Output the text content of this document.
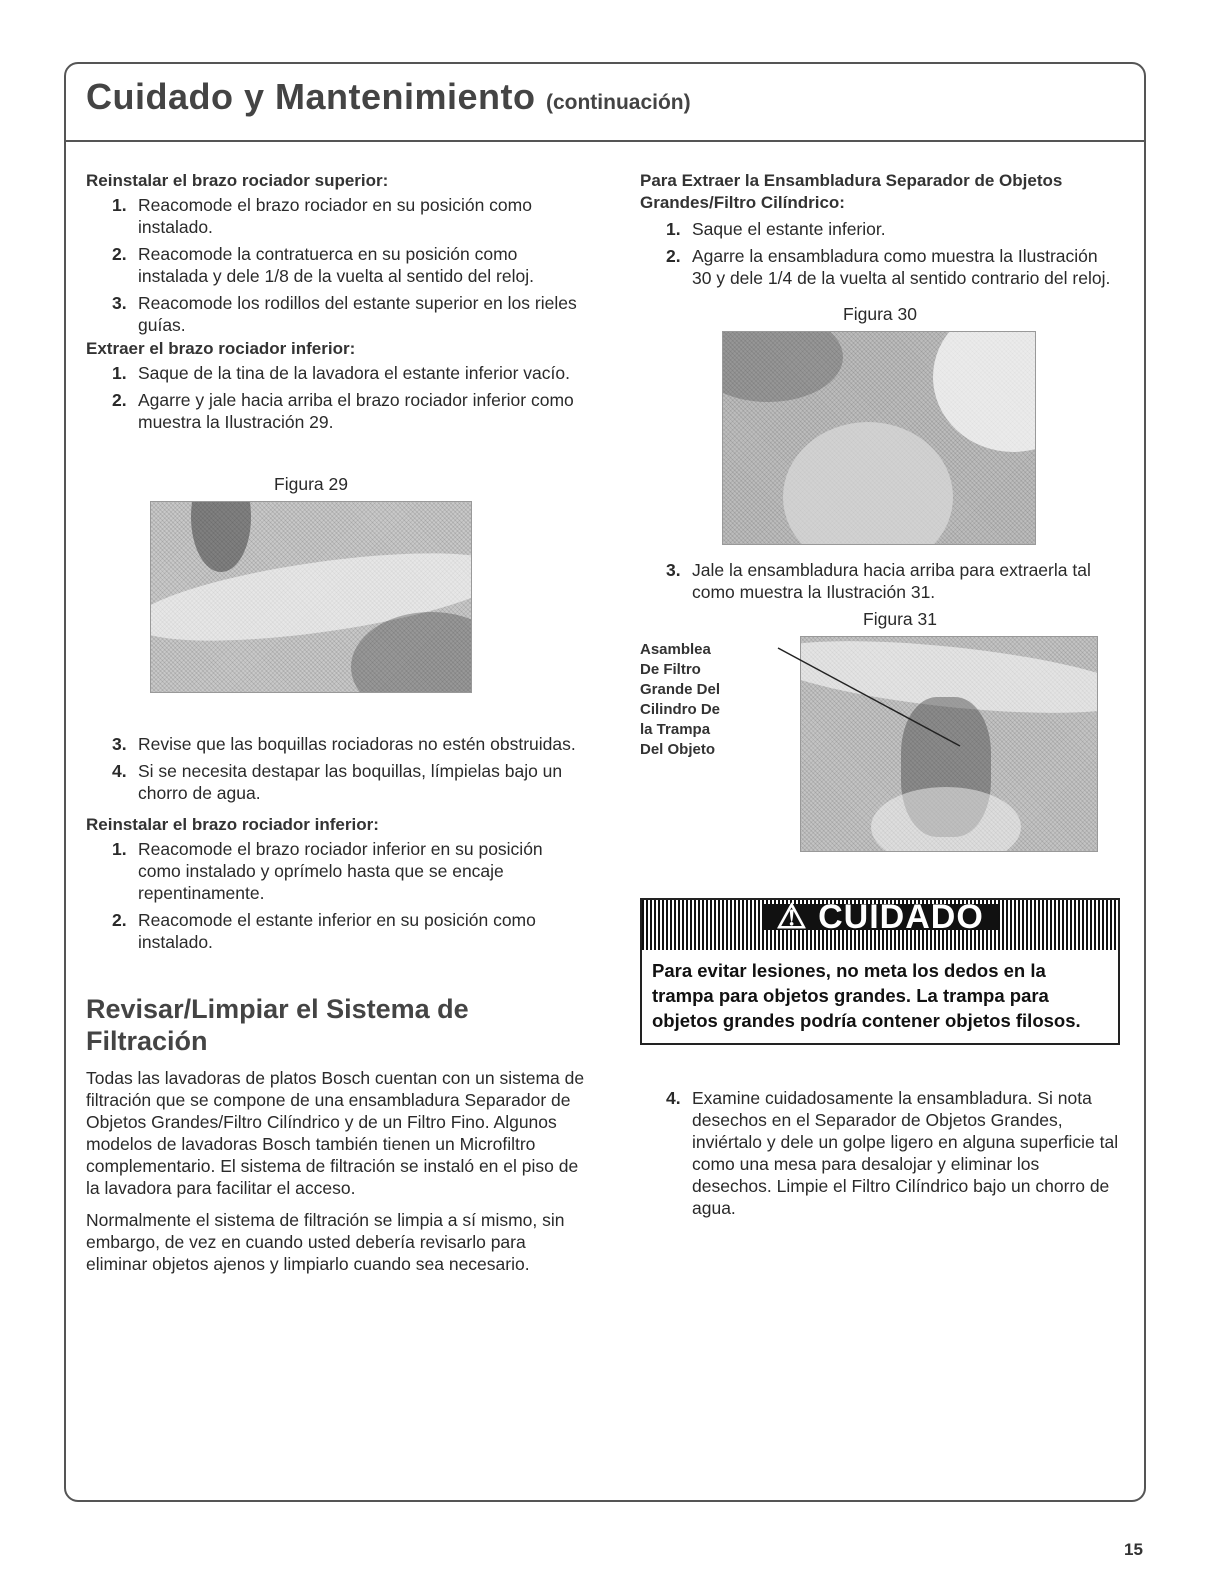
Cuidado y Mantenimiento (continuación)
Reinstalar el brazo rociador superior:
1. Reacomode el brazo rociador en su posición como instalado.
2. Reacomode la contratuerca en su posición como instalada y dele 1/8 de la vuelta al sentido del reloj.
3. Reacomode los rodillos del estante superior en los rieles guías.
Extraer el brazo rociador inferior:
1. Saque de la tina de la lavadora el estante inferior vacío.
2. Agarre y jale hacia arriba el brazo rociador inferior como muestra la Ilustración 29.
Figura 29
3. Revise que las boquillas rociadoras no estén obstruidas.
4. Si se necesita destapar las boquillas, límpielas bajo un chorro de agua.
Reinstalar el brazo rociador inferior:
1. Reacomode el brazo rociador inferior en su posición como instalado y oprímelo hasta que se encaje repentinamente.
2. Reacomode el estante inferior en su posición como instalado.
Revisar/Limpiar el Sistema de Filtración

Todas las lavadoras de platos Bosch cuentan con un sistema de filtración que se compone de una ensambladura Separador de Objetos Grandes/Filtro Cilíndrico y de un Filtro Fino. Algunos modelos de lavadoras Bosch también tienen un Microfiltro complementario. El sistema de filtración se instaló en el piso de la lavadora para facilitar el acceso.

Normalmente el sistema de filtración se limpia a sí mismo, sin embargo, de vez en cuando usted debería revisarlo para eliminar objetos ajenos y limpiarlo cuando sea necesario.

Para Extraer la Ensambladura Separador de Objetos Grandes/Filtro Cilíndrico:
1. Saque el estante inferior.
2. Agarre la ensambladura como muestra la Ilustración 30 y dele 1/4 de la vuelta al sentido contrario del reloj.
Figura 30
3. Jale la ensambladura hacia arriba para extraerla tal como muestra la Ilustración 31.
Figura 31
Asamblea
De Filtro
Grande Del
Cilindro De
la Trampa
Del Objeto
⚠ CUIDADO
Para evitar lesiones, no meta los dedos en la trampa para objetos grandes. La trampa para objetos grandes podría contener objetos filosos.
4. Examine cuidadosamente la ensambladura. Si nota desechos en el Separador de Objetos Grandes, inviértalo y dele un golpe ligero en alguna superficie tal como una mesa para desalojar y eliminar los desechos. Limpie el Filtro Cilíndrico bajo un chorro de agua.
15
